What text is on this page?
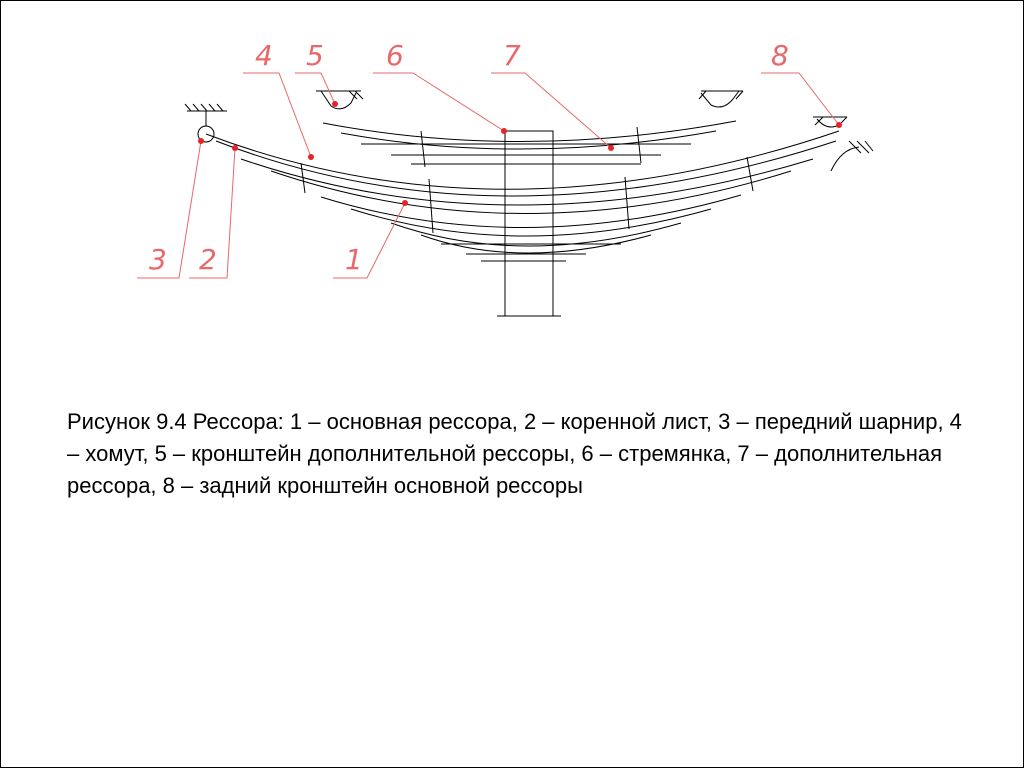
1
2
3
4 5 6	7	8
Рисунок 9.4 Рессора: 1 – основная рессора, 2 – коренной лист, 3 – передний шарнир, 4 – хомут, 5 – кронштейн дополнительной рессоры, 6 – стремянка, 7 – дополнительная рессора, 8 – задний кронштейн основной рессоры
